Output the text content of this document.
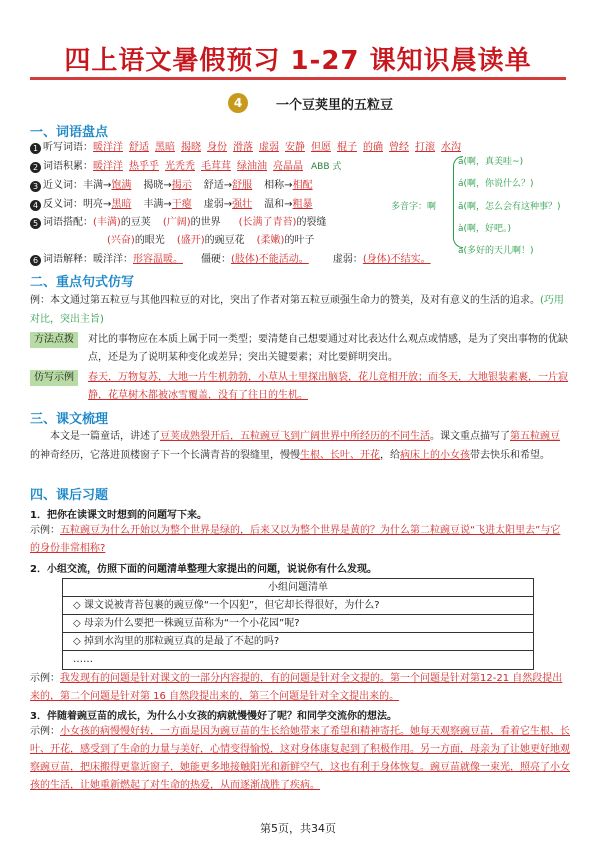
四上语文暑假预习 1-27 课知识晨读单
4	一个豆荚里的五粒豆
一、词语盘点
1 听写词语：暖洋洋 舒适 黑暗 揭晓 身份 滑落 虚弱 安静 但愿 棍子 的确 曾经 打滚 水沟
2 词语积累：暖洋洋 热乎乎 光秃秃 毛茸茸 绿油油 亮晶晶 ABB 式
3 近义词：丰满→饱满 揭晓→揭示 舒适→舒服 相称→相配
4 反义词：明亮→黑暗 丰满→干瘪 虚弱→强壮 温和→粗暴
5 词语搭配：(丰满)的豆荚 (广阔)的世界 (长满了青苔)的裂缝
(兴奋)的眼光 (盛开)的豌豆花 (柔嫩)的叶子
6 词语解释：暖洋洋：形容温暖。 僵硬：(肢体)不能活动。 虚弱：(身体)不结实。
多音字：啊
ā(啊，真美哇~)
á(啊，你说什么？)
ǎ(啊，怎么会有这种事？)
à(啊，好吧。)
a(多好的天儿啊！)
二、重点句式仿写
例：本文通过第五粒豆与其他四粒豆的对比，突出了作者对第五粒豆顽强生命力的赞美，及对有意义的生活的追求。(巧用对比，突出主旨)
方法点拨	对比的事物应在本质上属于同一类型；要清楚自己想要通过对比表达什么观点或情感，是为了突出事物的优缺点，还是为了说明某种变化或差异；突出关键要素；对比要鲜明突出。
仿写示例	春天，万物复苏，大地一片生机勃勃，小草从土里探出脑袋，花儿竞相开放；而冬天，大地银装素裹，一片寂静，花草树木都被冰雪覆盖，没有了往日的生机。
三、课文梳理
本文是一篇童话，讲述了豆荚成熟裂开后，五粒豌豆飞到广阔世界中所经历的不同生活。课文重点描写了第五粒豌豆的神奇经历，它落进顶楼窗子下一个长满青苔的裂缝里，慢慢生根、长叶、开花，给病床上的小女孩带去快乐和希望。
四、课后习题
1．把你在读课文时想到的问题写下来。
示例：五粒豌豆为什么开始以为整个世界是绿的，后来又以为整个世界是黄的？为什么第二粒豌豆说“飞进太阳里去”与它的身份非常相称?
2．小组交流，仿照下面的问题清单整理大家提出的问题，说说你有什么发现。
小组问题清单
◇ 课文说被青苔包裹的豌豆像“一个囚犯”，但它却长得很好，为什么?
◇ 母亲为什么要把一株豌豆苗称为“一个小花园”呢?
◇ 掉到水沟里的那粒豌豆真的是最了不起的吗?
……
示例：我发现有的问题是针对课文的一部分内容提的，有的问题是针对全文提的。第一个问题是针对第12-21 自然段提出来的，第二个问题是针对第 16 自然段提出来的，第三个问题是针对全文提出来的。
3．伴随着豌豆苗的成长，为什么小女孩的病就慢慢好了呢？和同学交流你的想法。
示例：小女孩的病慢慢好转，一方面是因为豌豆苗的生长给她带来了希望和精神寄托。她每天观察豌豆苗，看着它生根、长叶、开花，感受到了生命的力量与美好，心情变得愉悦，这对身体康复起到了积极作用。另一方面，母亲为了让她更好地观察豌豆苗，把床搬得更靠近窗子，她能更多地接触阳光和新鲜空气，这也有利于身体恢复。豌豆苗就像一束光，照亮了小女孩的生活，让她重新燃起了对生命的热爱，从而逐渐战胜了疾病。
第5页，共34页
